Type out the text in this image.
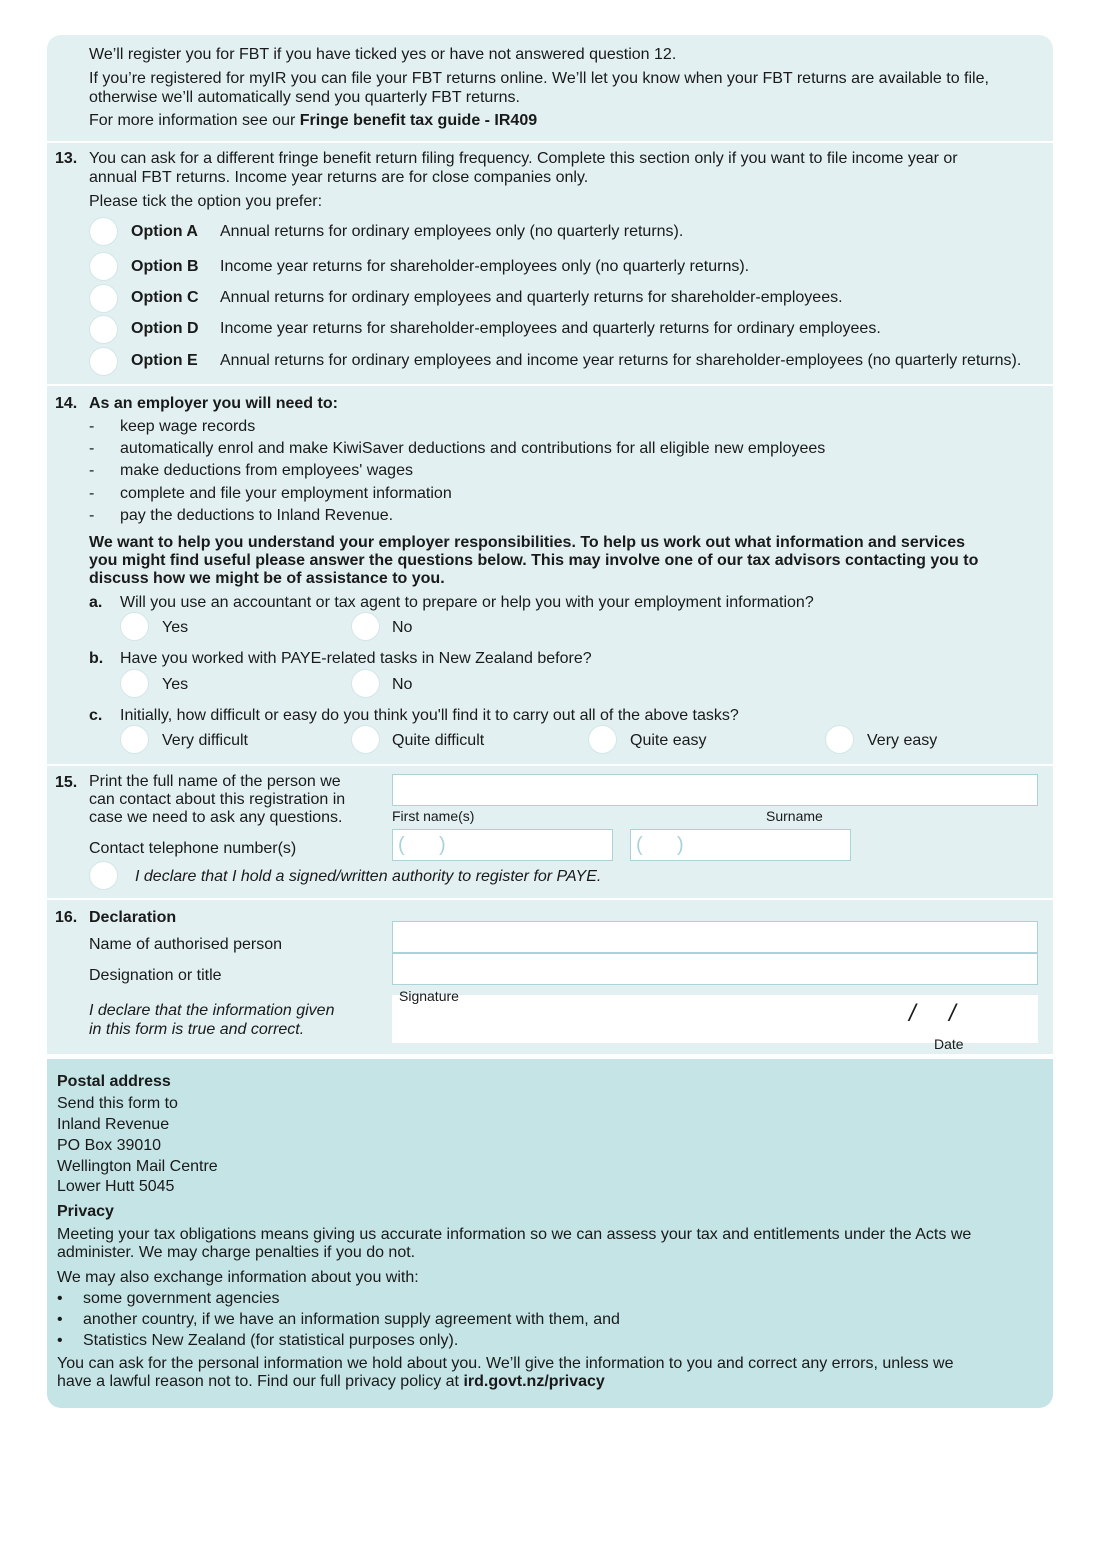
We’ll register you for FBT if you have ticked yes or have not answered question 12.
If you’re registered for myIR you can file your FBT returns online. We’ll let you know when your FBT returns are available to file,
otherwise we’ll automatically send you quarterly FBT returns.
For more information see our Fringe benefit tax guide - IR409
13. You can ask for a different fringe benefit return filing frequency. Complete this section only if you want to file income year or
annual FBT returns. Income year returns are for close companies only.
Please tick the option you prefer:
Option A Annual returns for ordinary employees only (no quarterly returns).
Option B Income year returns for shareholder-employees only (no quarterly returns).
Option C Annual returns for ordinary employees and quarterly returns for shareholder-employees.
Option D Income year returns for shareholder-employees and quarterly returns for ordinary employees.
Option E Annual returns for ordinary employees and income year returns for shareholder-employees (no quarterly returns).
14. As an employer you will need to:
- keep wage records
- automatically enrol and make KiwiSaver deductions and contributions for all eligible new employees
- make deductions from employees' wages
- complete and file your employment information
- pay the deductions to Inland Revenue.
We want to help you understand your employer responsibilities. To help us work out what information and services
you might find useful please answer the questions below. This may involve one of our tax advisors contacting you to
discuss how we might be of assistance to you.
a. Will you use an accountant or tax agent to prepare or help you with your employment information?
Yes	No
b. Have you worked with PAYE-related tasks in New Zealand before?
Yes	No
c. Initially, how difficult or easy do you think you'll find it to carry out all of the above tasks?
Very difficult	Quite difficult	Quite easy	Very easy
15. Print the full name of the person we
can contact about this registration in
case we need to ask any questions.	First name(s)	Surname
Contact telephone number(s)	( )	( )
I declare that I hold a signed/written authority to register for PAYE.
16. Declaration
Name of authorised person
Designation or title
Signature
/ /
Date
I declare that the information given
in this form is true and correct.
Postal address
Send this form to
Inland Revenue
PO Box 39010
Wellington Mail Centre
Lower Hutt 5045
Privacy
Meeting your tax obligations means giving us accurate information so we can assess your tax and entitlements under the Acts we
administer. We may charge penalties if you do not.
We may also exchange information about you with:
• some government agencies
• another country, if we have an information supply agreement with them, and
• Statistics New Zealand (for statistical purposes only).
You can ask for the personal information we hold about you. We’ll give the information to you and correct any errors, unless we
have a lawful reason not to. Find our full privacy policy at ird.govt.nz/privacy
